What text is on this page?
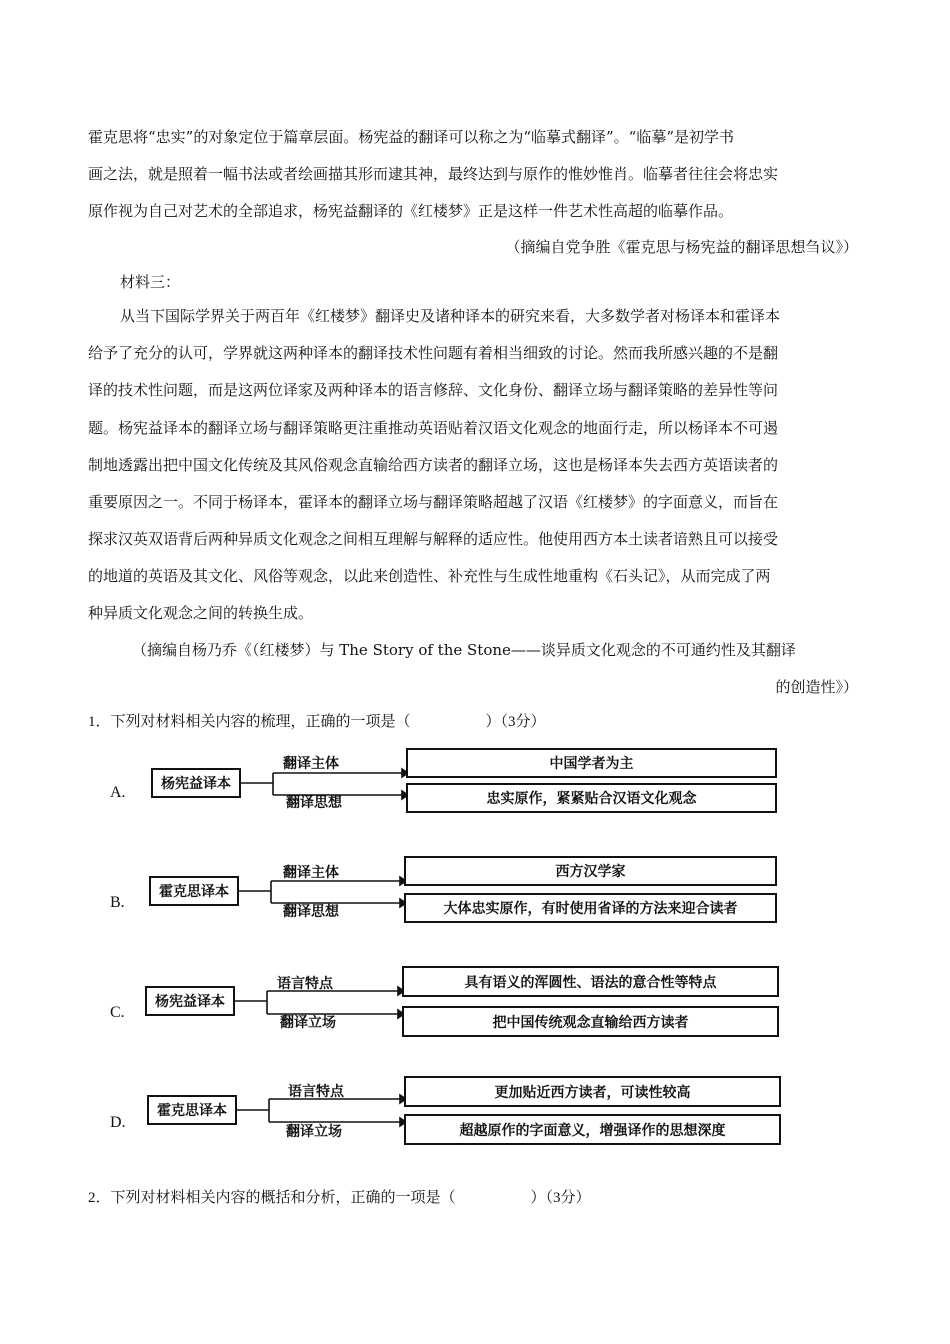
霍克思将“忠实”的对象定位于篇章层面。杨宪益的翻译可以称之为“临摹式翻译”。“临摹”是初学书
画之法，就是照着一幅书法或者绘画描其形而逮其神，最终达到与原作的惟妙惟肖。临摹者往往会将忠实
原作视为自己对艺术的全部追求，杨宪益翻译的《红楼梦》正是这样一件艺术性高超的临摹作品。
（摘编自党争胜《霍克思与杨宪益的翻译思想刍议》）
材料三：
从当下国际学界关于两百年《红楼梦》翻译史及诸种译本的研究来看，大多数学者对杨译本和霍译本
给予了充分的认可，学界就这两种译本的翻译技术性问题有着相当细致的讨论。然而我所感兴趣的不是翻
译的技术性问题，而是这两位译家及两种译本的语言修辞、文化身份、翻译立场与翻译策略的差异性等问
题。杨宪益译本的翻译立场与翻译策略更注重推动英语贴着汉语文化观念的地面行走，所以杨译本不可遏
制地透露出把中国文化传统及其风俗观念直输给西方读者的翻译立场，这也是杨译本失去西方英语读者的
重要原因之一。不同于杨译本，霍译本的翻译立场与翻译策略超越了汉语《红楼梦》的字面意义，而旨在
探求汉英双语背后两种异质文化观念之间相互理解与解释的适应性。他使用西方本土读者谙熟且可以接受
的地道的英语及其文化、风俗等观念，以此来创造性、补充性与生成性地重构《石头记》，从而完成了两
种异质文化观念之间的转换生成。
（摘编自杨乃乔《（红楼梦）与 The Story of the Stone——谈异质文化观念的不可通约性及其翻译
的创造性》）
1．下列对材料相关内容的梳理，正确的一项是（　　　　　）（3分）
A.	杨宪益译本
翻译主体
翻译思想
中国学者为主
忠实原作，紧紧贴合汉语文化观念
B.
霍克思译本
翻译主体
翻译思想
西方汉学家
大体忠实原作，有时使用省译的方法来迎合读者
C.
杨宪益译本
语言特点
翻译立场
具有语义的浑圆性、语法的意合性等特点
把中国传统观念直输给西方读者
D.
霍克思译本
语言特点
翻译立场
更加贴近西方读者，可读性较高
超越原作的字面意义，增强译作的思想深度
2．下列对材料相关内容的概括和分析，正确的一项是（　　　　　）（3分）
